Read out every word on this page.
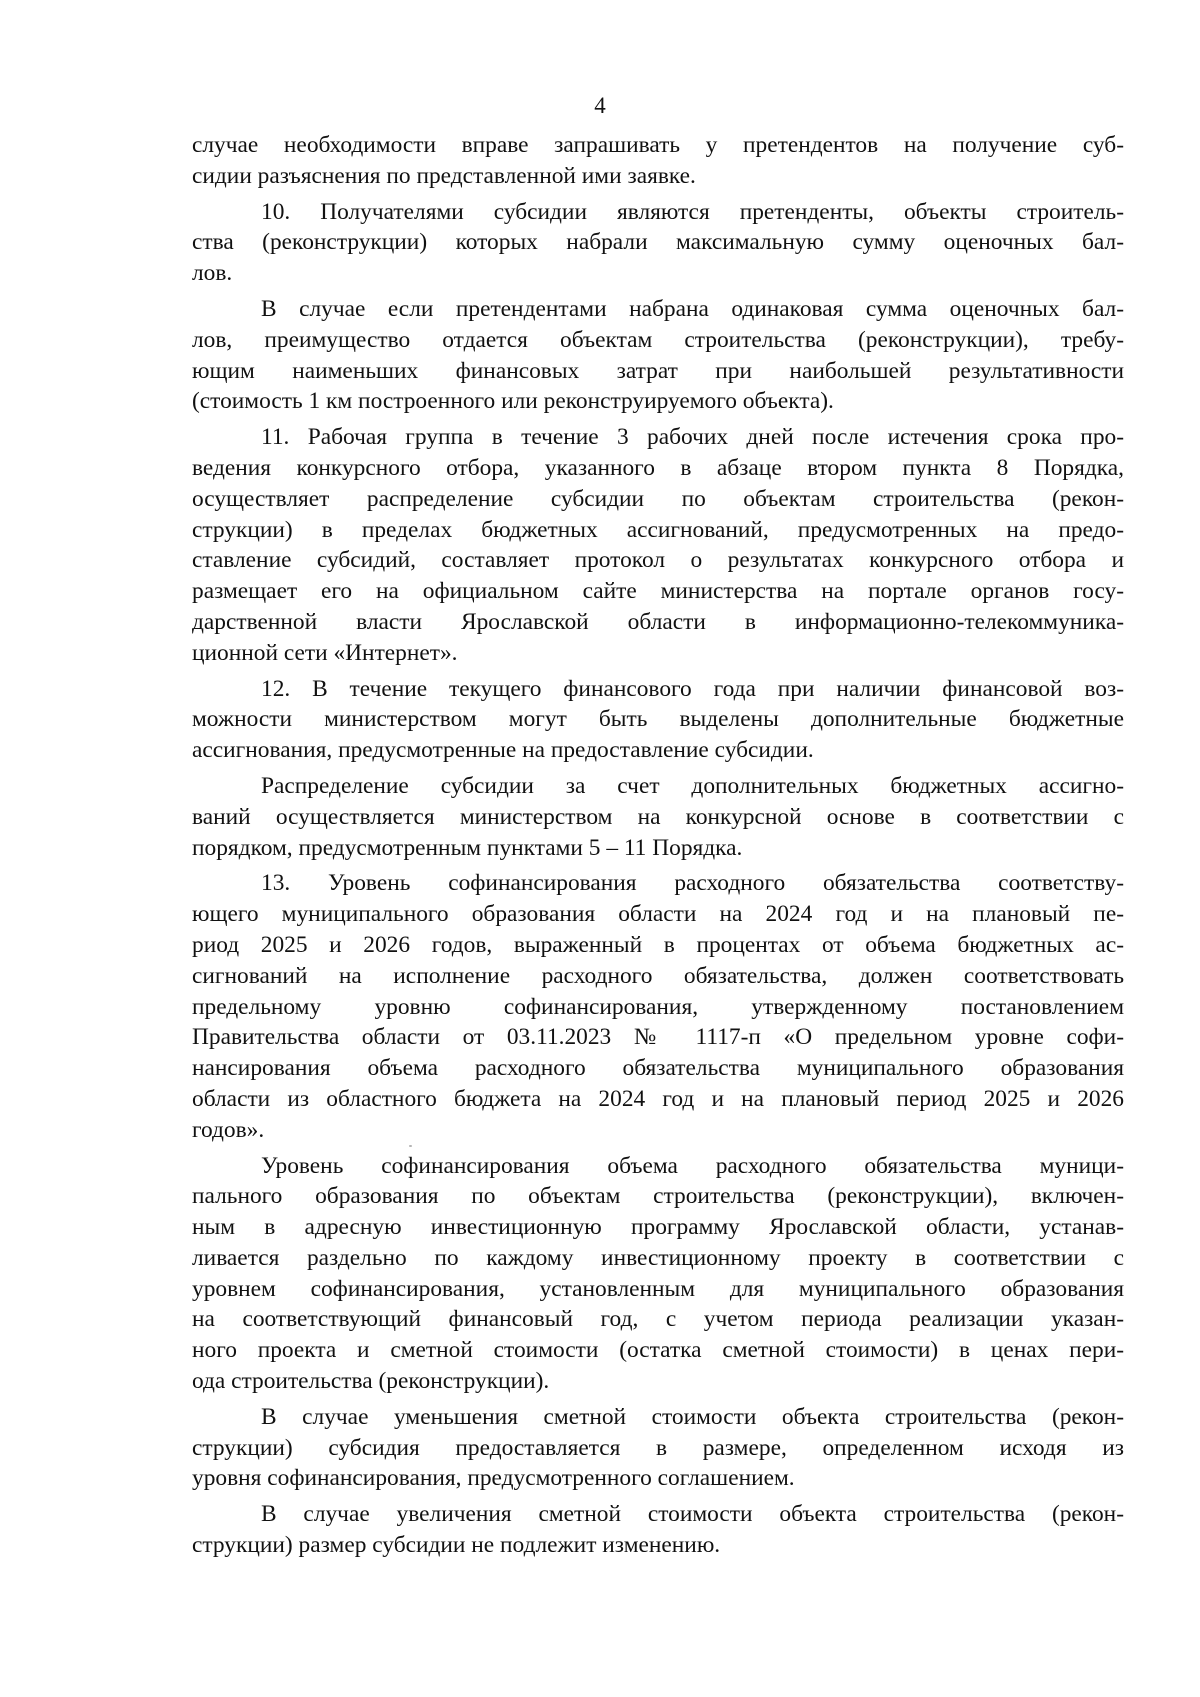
4
случае необходимости вправе запрашивать у претендентов на получение суб-
сидии разъяснения по представленной ими заявке.
10. Получателями субсидии являются претенденты, объекты строитель-
ства (реконструкции) которых набрали максимальную сумму оценочных бал-
лов.
В случае если претендентами набрана одинаковая сумма оценочных бал-
лов, преимущество отдается объектам строительства (реконструкции), требу-
ющим наименьших финансовых затрат при наибольшей результативности
(стоимость 1 км построенного или реконструируемого объекта).
11. Рабочая группа в течение 3 рабочих дней после истечения срока про-
ведения конкурсного отбора, указанного в абзаце втором пункта 8 Порядка,
осуществляет распределение субсидии по объектам строительства (рекон-
струкции) в пределах бюджетных ассигнований, предусмотренных на предо-
ставление субсидий, составляет протокол о результатах конкурсного отбора и
размещает его на официальном сайте министерства на портале органов госу-
дарственной власти Ярославской области в информационно-телекоммуника-
ционной сети «Интернет».
12. В течение текущего финансового года при наличии финансовой воз-
можности министерством могут быть выделены дополнительные бюджетные
ассигнования, предусмотренные на предоставление субсидии.
Распределение субсидии за счет дополнительных бюджетных ассигно-
ваний осуществляется министерством на конкурсной основе в соответствии с
порядком, предусмотренным пунктами 5 – 11 Порядка.
13. Уровень софинансирования расходного обязательства соответству-
ющего муниципального образования области на 2024 год и на плановый пе-
риод 2025 и 2026 годов, выраженный в процентах от объема бюджетных ас-
сигнований на исполнение расходного обязательства, должен соответствовать
предельному уровню софинансирования, утвержденному постановлением
Правительства области от 03.11.2023 № 1117-п «О предельном уровне софи-
нансирования объема расходного обязательства муниципального образования
области из областного бюджета на 2024 год и на плановый период 2025 и 2026
годов».
Уровень софинансирования объема расходного обязательства муници-
пального образования по объектам строительства (реконструкции), включен-
ным в адресную инвестиционную программу Ярославской области, устанав-
ливается раздельно по каждому инвестиционному проекту в соответствии с
уровнем софинансирования, установленным для муниципального образования
на соответствующий финансовый год, с учетом периода реализации указан-
ного проекта и сметной стоимости (остатка сметной стоимости) в ценах пери-
ода строительства (реконструкции).
В случае уменьшения сметной стоимости объекта строительства (рекон-
струкции) субсидия предоставляется в размере, определенном исходя из
уровня софинансирования, предусмотренного соглашением.
В случае увеличения сметной стоимости объекта строительства (рекон-
струкции) размер субсидии не подлежит изменению.
